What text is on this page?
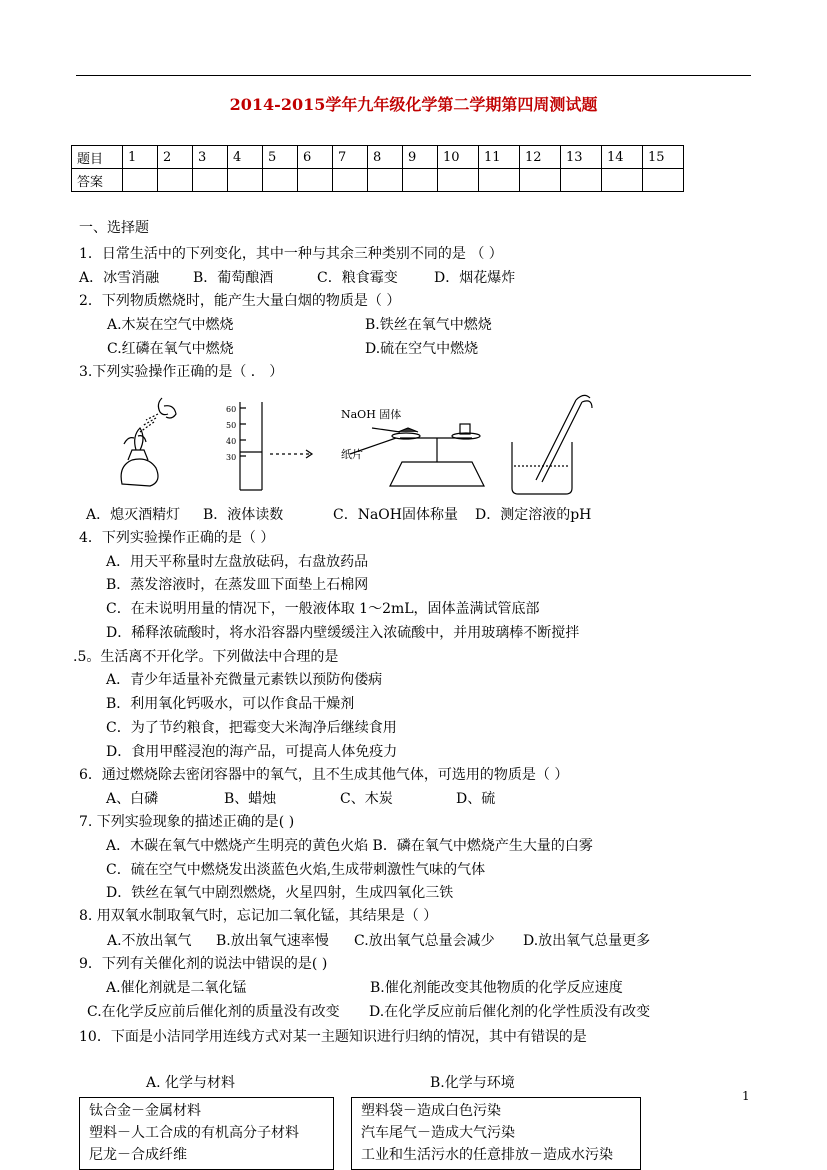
2014-2015学年九年级化学第二学期第四周测试题
题目	1	2	3	4	5	6	7	8	9	10	11	12	13	14	15
答案															
一、选择题
1．日常生活中的下列变化，其中一种与其余三种类别不同的是 （ ）
A．冰雪消融 B．葡萄酿酒	C．粮食霉变	D．烟花爆炸
2．下列物质燃烧时，能产生大量白烟的物质是（ ）
A.木炭在空气中燃烧	B.铁丝在氧气中燃烧
C.红磷在氧气中燃烧	D.硫在空气中燃烧
3.下列实验操作正确的是（ ． ）
60
50
40
30
NaOH 固体
纸片
A．熄灭酒精灯 B．液体读数	C．NaOH固体称量 D．测定溶液的pH
4．下列实验操作正确的是（ ）
A．用天平称量时左盘放砝码，右盘放药品
B．蒸发溶液时，在蒸发皿下面垫上石棉网
C．在未说明用量的情况下，一般液体取 1～2mL，固体盖满试管底部
D．稀释浓硫酸时，将水沿容器内壁缓缓注入浓硫酸中，并用玻璃棒不断搅拌
.5。生活离不开化学。下列做法中合理的是
A．青少年适量补充微量元素铁以预防佝偻病
B．利用氧化钙吸水，可以作食品干燥剂
C．为了节约粮食，把霉变大米淘净后继续食用
D．食用甲醛浸泡的海产品，可提高人体免疫力
6．通过燃烧除去密闭容器中的氧气，且不生成其他气体，可选用的物质是（ ）
A、白磷	B、蜡烛	C、木炭	D、硫
7. 下列实验现象的描述正确的是( )
A．木碳在氧气中燃烧产生明亮的黄色火焰 B．磷在氧气中燃烧产生大量的白雾
C．硫在空气中燃烧发出淡蓝色火焰,生成带刺激性气味的气体
D．铁丝在氧气中剧烈燃烧，火星四射，生成四氧化三铁
8. 用双氧水制取氧气时，忘记加二氧化锰，其结果是（ ）
A.不放出氧气 B.放出氧气速率慢 C.放出氧气总量会减少 D.放出氧气总量更多
9．下列有关催化剂的说法中错误的是( )
A.催化剂就是二氧化锰	B.催化剂能改变其他物质的化学反应速度
C.在化学反应前后催化剂的质量没有改变 D.在化学反应前后催化剂的化学性质没有改变
10．下面是小洁同学用连线方式对某一主题知识进行归纳的情况，其中有错误的是
A. 化学与材料	B.化学与环境
钛合金－金属材料
塑料－人工合成的有机高分子材料
尼龙－合成纤维
塑料袋－造成白色污染
汽车尾气－造成大气污染
工业和生活污水的任意排放－造成水污染
1
